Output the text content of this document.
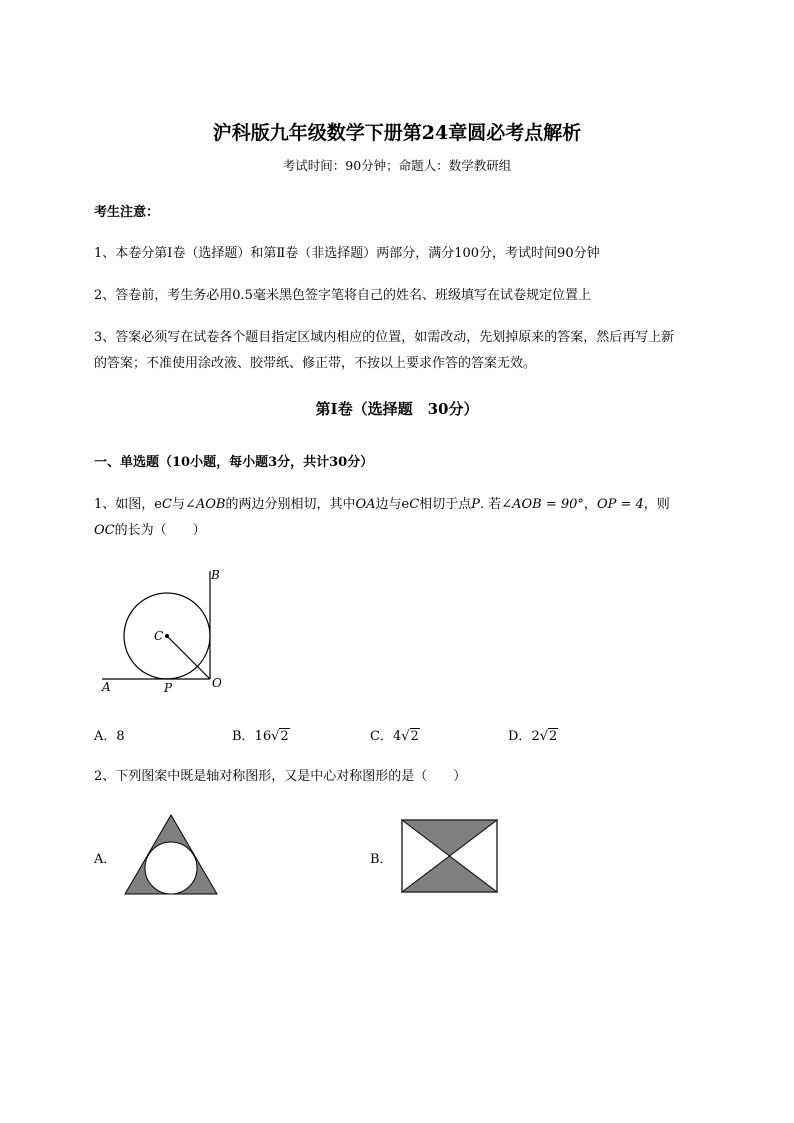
沪科版九年级数学下册第24章圆必考点解析
考试时间：90分钟；命题人：数学教研组
考生注意：
1、本卷分第I卷（选择题）和第Ⅱ卷（非选择题）两部分，满分100分，考试时间90分钟
2、答卷前，考生务必用0.5毫米黑色签字笔将自己的姓名、班级填写在试卷规定位置上
3、答案必须写在试卷各个题目指定区域内相应的位置，如需改动，先划掉原来的答案，然后再写上新
的答案；不准使用涂改液、胶带纸、修正带，不按以上要求作答的答案无效。
第I卷（选择题　30分）
一、单选题（10小题，每小题3分，共计30分）
1、如图，eC与∠AOB的两边分别相切，其中OA边与eC相切于点P. 若∠AOB = 90°，OP = 4，则
OC的长为（　　）
B
C
A	P	O
A．8	B．16√2	C．4√2	D．2√2
2、下列图案中既是轴对称图形，又是中心对称图形的是（　　）
A．	B．
